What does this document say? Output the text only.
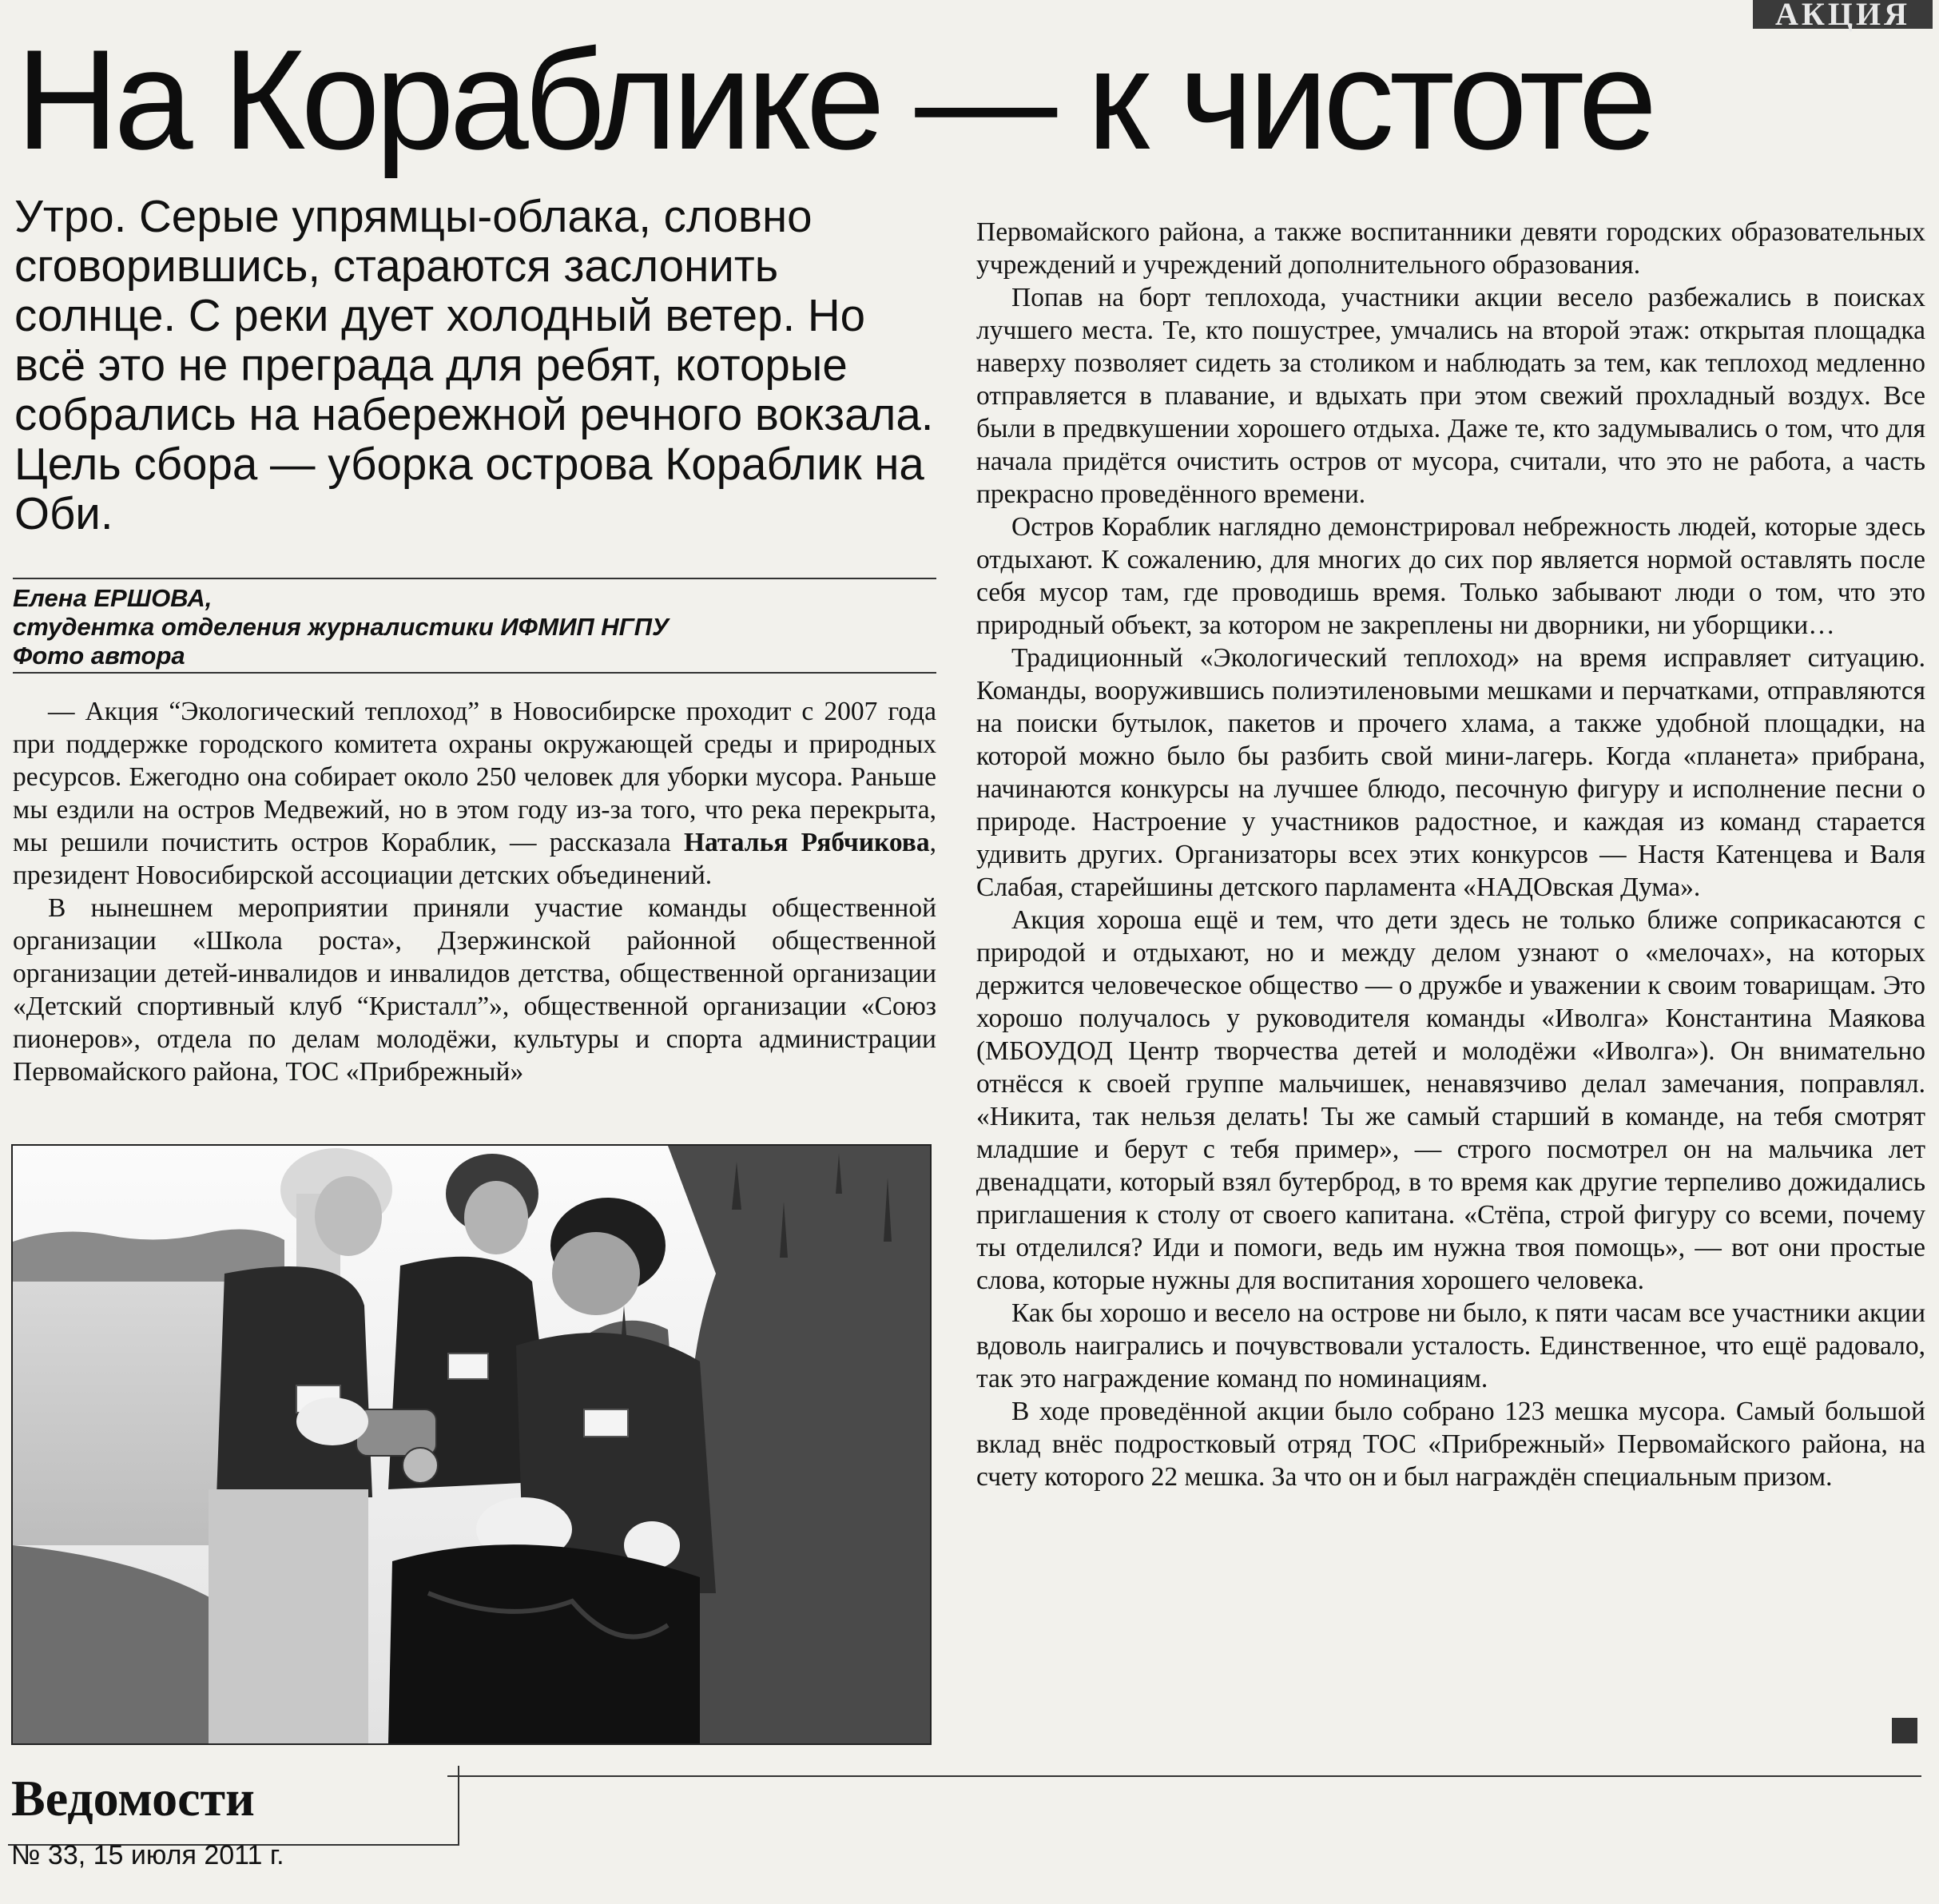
АКЦИЯ
На Кораблике — к чистоте

Утро. Серые упрямцы-облака, словно сговорившись, стараются заслонить солнце. С реки дует холодный ветер. Но всё это не преграда для ребят, которые собрались на набережной речного вокзала. Цель сбора — уборка острова Кораблик на Оби.

Елена ЕРШОВА,
студентка отделения журналистики ИФМИП НГПУ
Фото автора

— Акция “Экологический теплоход” в Новосибирске проходит с 2007 года при поддержке городского комитета охраны окружающей среды и природных ресурсов. Ежегодно она собирает около 250 человек для уборки мусора. Раньше мы ездили на остров Медвежий, но в этом году из-за того, что река перекрыта, мы решили почистить остров Кораблик, — рассказала Наталья Рябчикова, президент Новосибирской ассоциации детских объединений.

В нынешнем мероприятии приняли участие команды общественной организации «Школа роста», Дзержинской районной общественной организации детей-инвалидов и инвалидов детства, общественной организации «Детский спортивный клуб “Кристалл”», общественной организации «Союз пионеров», отдела по делам молодёжи, культуры и спорта администрации Первомайского района, ТОС «Прибрежный»

Первомайского района, а также воспитанники девяти городских образовательных учреждений и учреждений дополнительного образования.

Попав на борт теплохода, участники акции весело разбежались в поисках лучшего места. Те, кто пошустрее, умчались на второй этаж: открытая площадка наверху позволяет сидеть за столиком и наблюдать за тем, как теплоход медленно отправляется в плавание, и вдыхать при этом свежий прохладный воздух. Все были в предвкушении хорошего отдыха. Даже те, кто задумывались о том, что для начала придётся очистить остров от мусора, считали, что это не работа, а часть прекрасно проведённого времени.

Остров Кораблик наглядно демонстрировал небрежность людей, которые здесь отдыхают. К сожалению, для многих до сих пор является нормой оставлять после себя мусор там, где проводишь время. Только забывают люди о том, что это природный объект, за котором не закреплены ни дворники, ни уборщики…

Традиционный «Экологический теплоход» на время исправляет ситуацию. Команды, вооружившись полиэтиленовыми мешками и перчатками, отправляются на поиски бутылок, пакетов и прочего хлама, а также удобной площадки, на которой можно было бы разбить свой мини-лагерь. Когда «планета» прибрана, начинаются конкурсы на лучшее блюдо, песочную фигуру и исполнение песни о природе. Настроение у участников радостное, и каждая из команд старается удивить других. Организаторы всех этих конкурсов — Настя Катенцева и Валя Слабая, старейшины детского парламента «НАДОвская Дума».

Акция хороша ещё и тем, что дети здесь не только ближе соприкасаются с природой и отдыхают, но и между делом узнают о «мелочах», на которых держится человеческое общество — о дружбе и уважении к своим товарищам. Это хорошо получалось у руководителя команды «Иволга» Константина Маякова (МБОУДОД Центр творчества детей и молодёжи «Иволга»). Он внимательно отнёсся к своей группе мальчишек, ненавязчиво делал замечания, поправлял. «Никита, так нельзя делать! Ты же самый старший в команде, на тебя смотрят младшие и берут с тебя пример», — строго посмотрел он на мальчика лет двенадцати, который взял бутерброд, в то время как другие терпеливо дожидались приглашения к столу от своего капитана. «Стёпа, строй фигуру со всеми, почему ты отделился? Иди и помоги, ведь им нужна твоя помощь», — вот они простые слова, которые нужны для воспитания хорошего человека.

Как бы хорошо и весело на острове ни было, к пяти часам все участники акции вдоволь наигрались и почувствовали усталость. Единственное, что ещё радовало, так это награждение команд по номинациям.

В ходе проведённой акции было собрано 123 мешка мусора. Самый большой вклад внёс подростковый отряд ТОС «Прибрежный» Первомайского района, на счету которого 22 мешка. За что он и был награждён специальным призом.

Ведомости
№ 33, 15 июля 2011 г.
